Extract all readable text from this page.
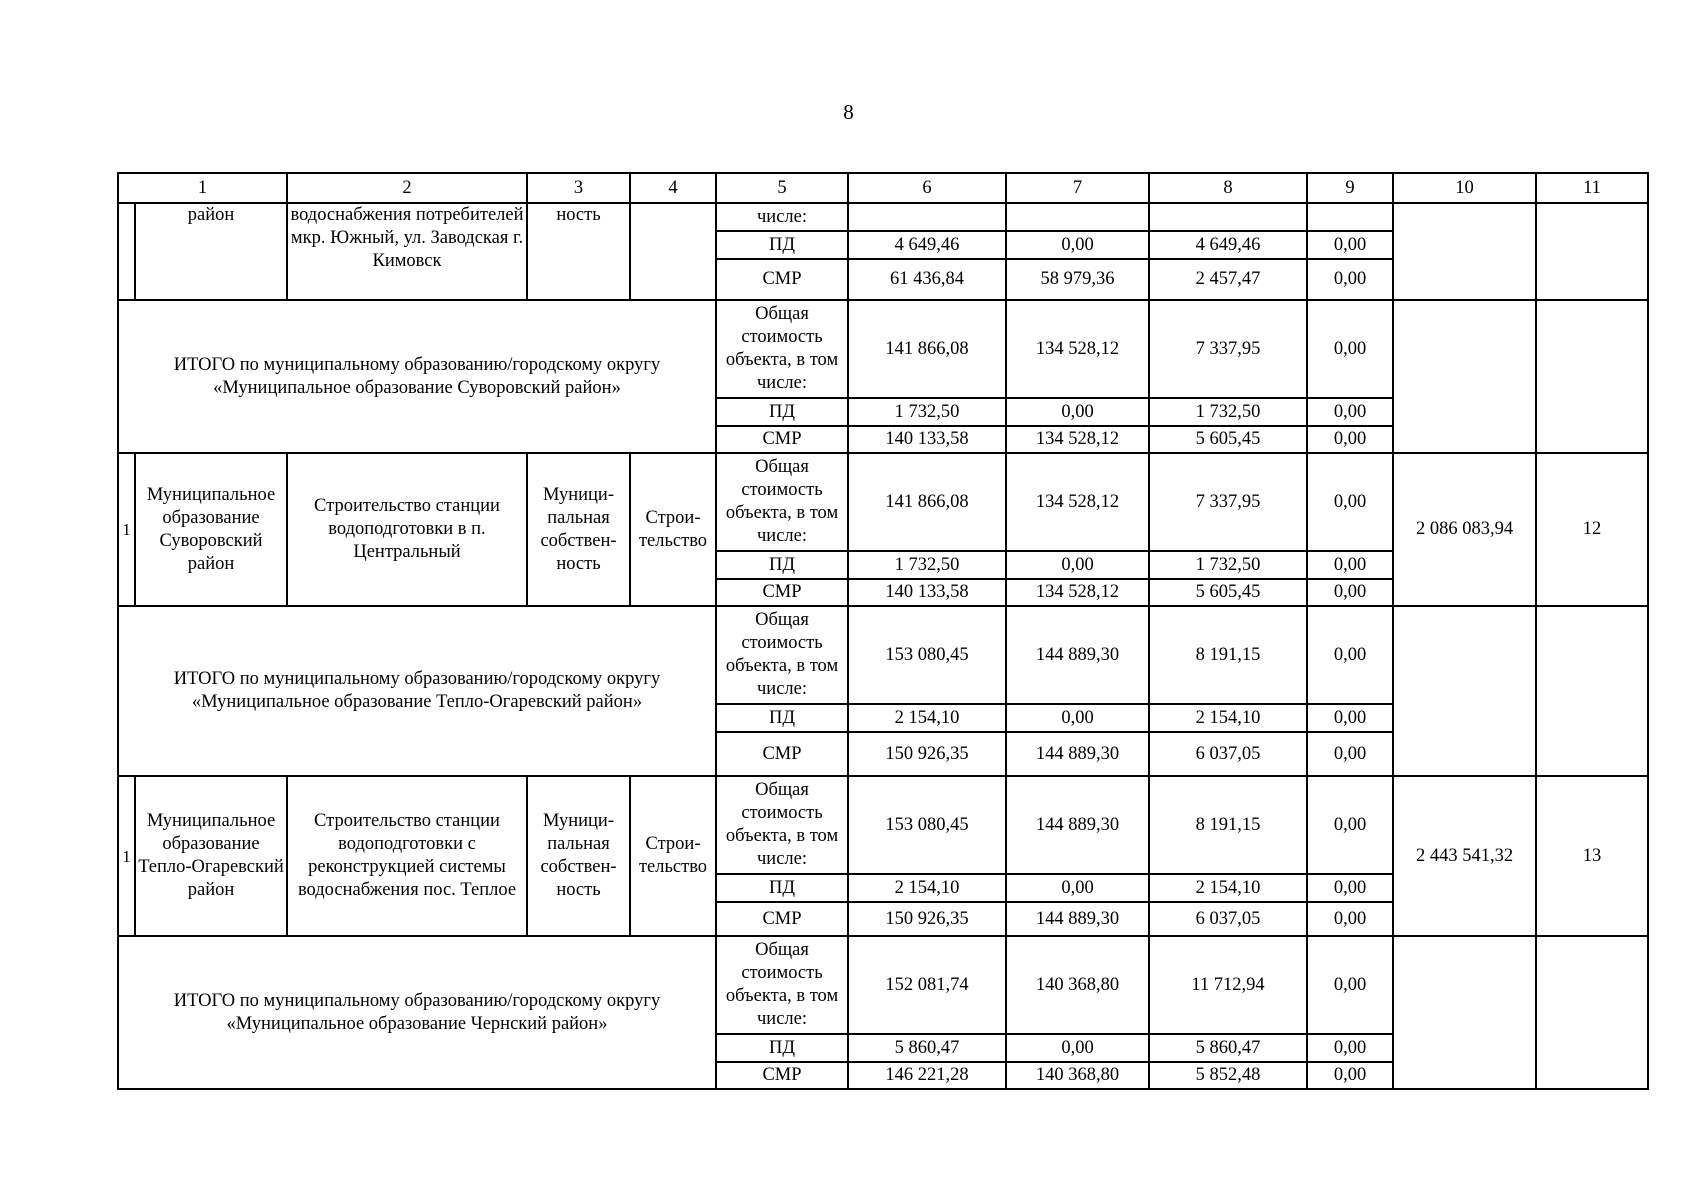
8
1		2	3	4	5	6	7	8	9	10	11
	район	водоснабжения потребителей мкр. Южный, ул. Заводская г. Кимовск	ность		числе:						
					ПД	4 649,46	0,00	4 649,46	0,00		
					СМР	61 436,84	58 979,36	2 457,47	0,00		
ИТОГО по муниципальному образованию/городскому округу «Муниципальное образование Суворовский район»					Общая стоимость объекта, в том числе:	141 866,08	134 528,12	7 337,95	0,00		
					ПД	1 732,50	0,00	1 732,50	0,00		
					СМР	140 133,58	134 528,12	5 605,45	0,00		
1	Муниципальное образование Суворовский район	Строительство станции водоподготовки в п. Центральный	Муници-пальная собствен-ность	Строи-тельство	Общая стоимость объекта, в том числе:	141 866,08	134 528,12	7 337,95	0,00	2 086 083,94	12
					ПД	1 732,50	0,00	1 732,50	0,00		
					СМР	140 133,58	134 528,12	5 605,45	0,00		
ИТОГО по муниципальному образованию/городскому округу «Муниципальное образование Тепло-Огаревский район»					Общая стоимость объекта, в том числе:	153 080,45	144 889,30	8 191,15	0,00		
					ПД	2 154,10	0,00	2 154,10	0,00		
					СМР	150 926,35	144 889,30	6 037,05	0,00		
1	Муниципальное образование Тепло-Огаревский район	Строительство станции водоподготовки с реконструкцией системы водоснабжения пос. Теплое	Муници-пальная собствен-ность	Строи-тельство	Общая стоимость объекта, в том числе:	153 080,45	144 889,30	8 191,15	0,00	2 443 541,32	13
					ПД	2 154,10	0,00	2 154,10	0,00		
					СМР	150 926,35	144 889,30	6 037,05	0,00		
ИТОГО по муниципальному образованию/городскому округу «Муниципальное образование Чернский район»					Общая стоимость объекта, в том числе:	152 081,74	140 368,80	11 712,94	0,00		
					ПД	5 860,47	0,00	5 860,47	0,00		
					СМР	146 221,28	140 368,80	5 852,48	0,00		
